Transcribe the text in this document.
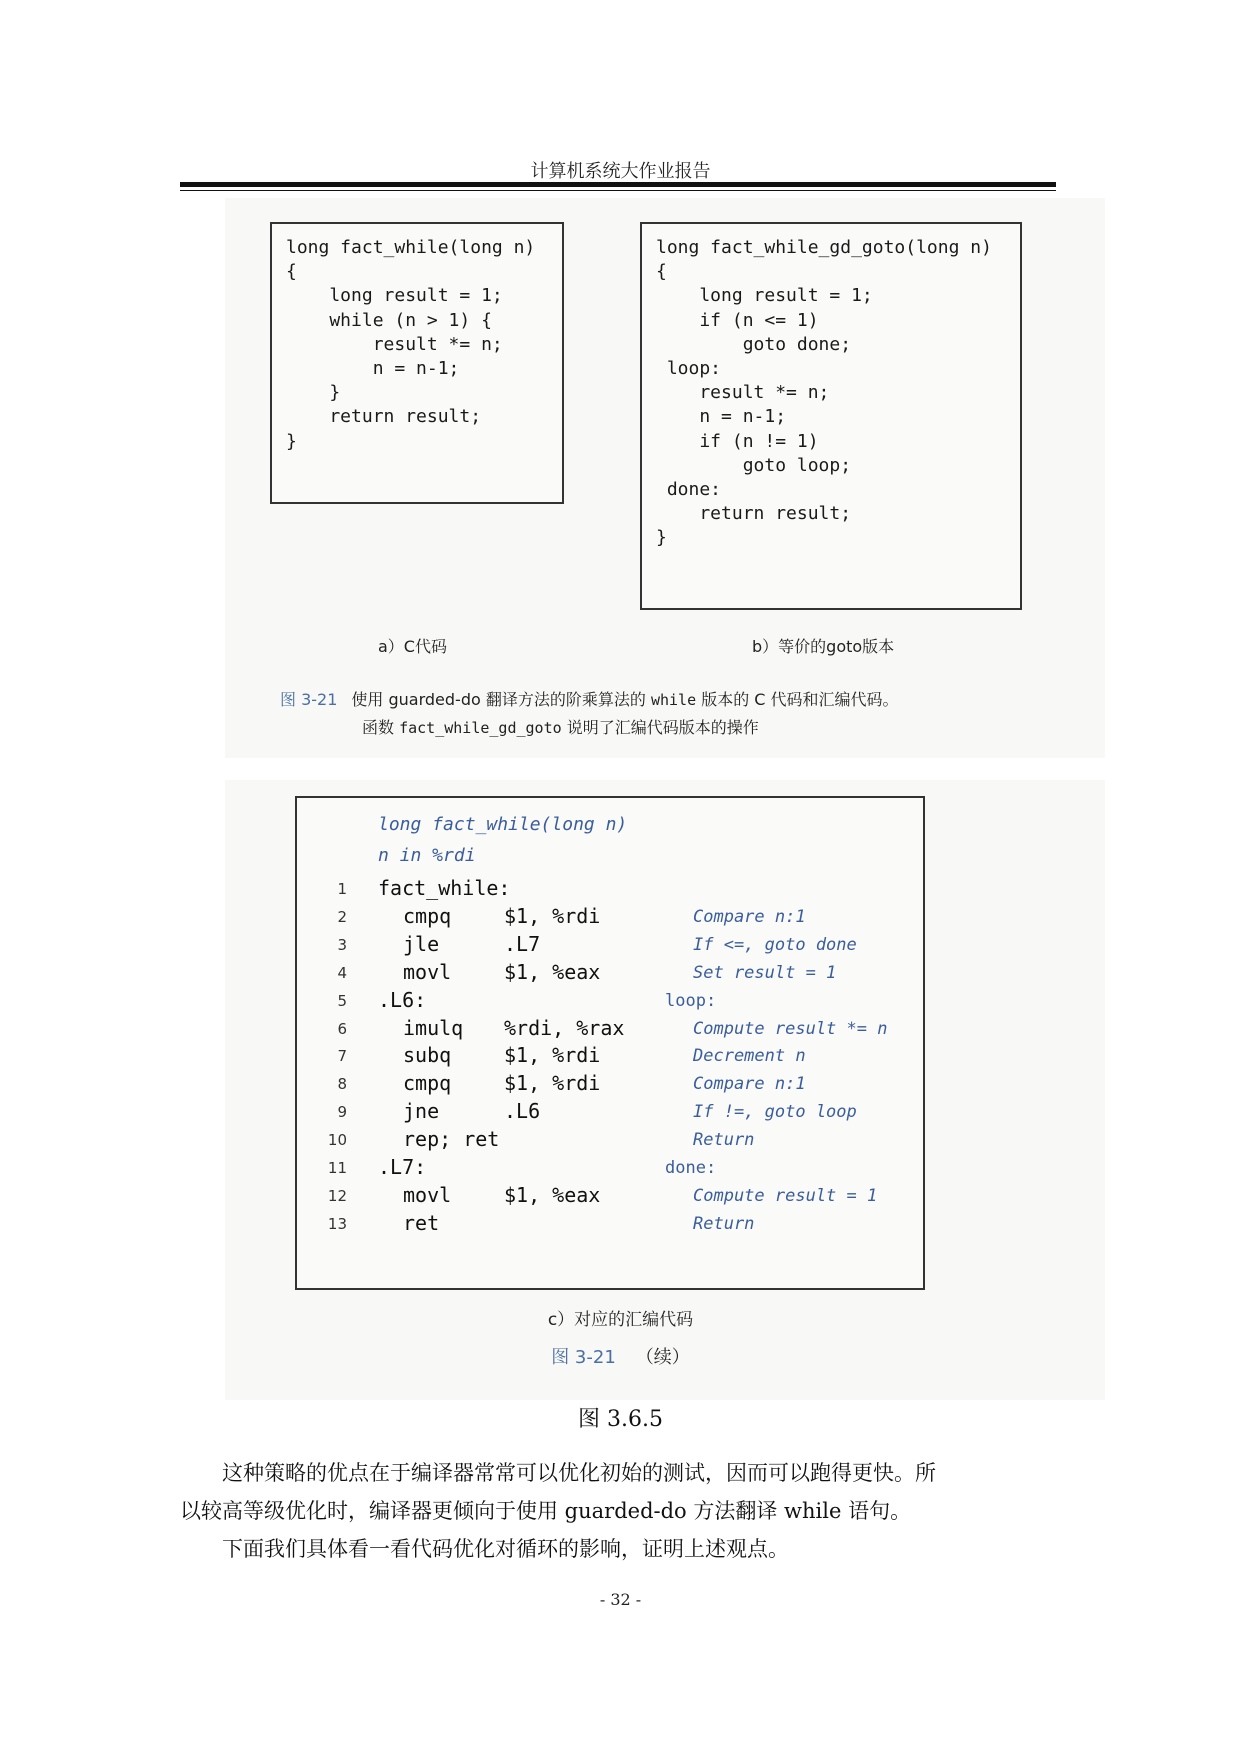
计算机系统大作业报告
long fact_while(long n)
{
long result = 1;
while (n > 1) {
result *= n;
n = n-1;
}
return result;
}
a）C代码
long fact_while_gd_goto(long n)
{
long result = 1;
if (n <= 1)
goto done;
loop:
result *= n;
n = n-1;
if (n != 1)
goto loop;
done:
return result;
}
b）等价的goto版本
图 3-21 使用 guarded-do 翻译方法的阶乘算法的 while 版本的 C 代码和汇编代码。
函数 fact_while_gd_goto 说明了汇编代码版本的操作
long fact_while(long n)
n in %rdi
1 fact_while:
2	cmpq	$1, %rdi	Compare n:1
3	jle	.L7	If <=, goto done
4	movl	$1, %eax	Set result = 1
5 .L6:	loop:
6	imulq %rdi, %rax	Compute result *= n
7	subq	$1, %rdi	Decrement n
8	cmpq	$1, %rdi	Compare n:1
9	jne	.L6	If !=, goto loop
10	rep; ret	Return
11 .L7:	done:
12	movl	$1, %eax	Compute result = 1
13	ret	Return
c）对应的汇编代码
图 3-21 （续）
图 3.6.5
这种策略的优点在于编译器常常可以优化初始的测试，因而可以跑得更快。所
以较高等级优化时，编译器更倾向于使用 guarded-do 方法翻译 while 语句。
下面我们具体看一看代码优化对循环的影响，证明上述观点。
- 32 -
